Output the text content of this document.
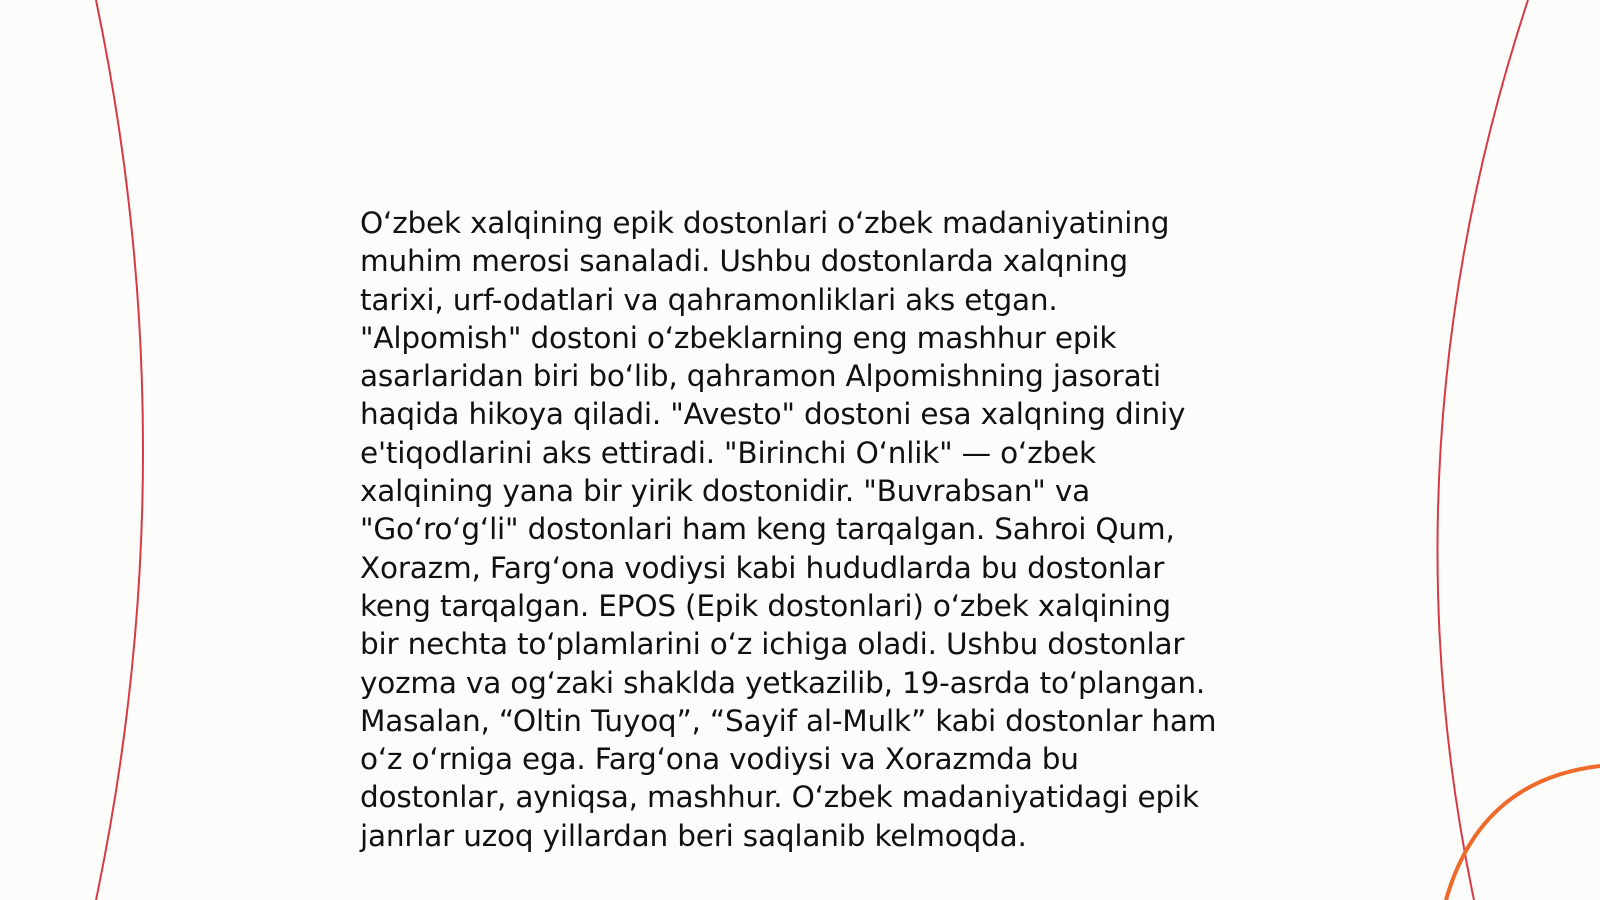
O‘zbek xalqining epik dostonlari o‘zbek madaniyatining
muhim merosi sanaladi. Ushbu dostonlarda xalqning
tarixi, urf-odatlari va qahramonliklari aks etgan.
"Alpomish" dostoni o‘zbeklarning eng mashhur epik
asarlaridan biri bo‘lib, qahramon Alpomishning jasorati
haqida hikoya qiladi. "Avesto" dostoni esa xalqning diniy
e'tiqodlarini aks ettiradi. "Birinchi O‘nlik" — o‘zbek
xalqining yana bir yirik dostonidir. "Buvrabsan" va
"Go‘ro‘g‘li" dostonlari ham keng tarqalgan. Sahroi Qum,
Xorazm, Farg‘ona vodiysi kabi hududlarda bu dostonlar
keng tarqalgan. EPOS (Epik dostonlari) o‘zbek xalqining
bir nechta to‘plamlarini o‘z ichiga oladi. Ushbu dostonlar
yozma va og‘zaki shaklda yetkazilib, 19-asrda to‘plangan.
Masalan, “Oltin Tuyoq”, “Sayif al-Mulk” kabi dostonlar ham
o‘z o‘rniga ega. Farg‘ona vodiysi va Xorazmda bu
dostonlar, ayniqsa, mashhur. O‘zbek madaniyatidagi epik
janrlar uzoq yillardan beri saqlanib kelmoqda.
